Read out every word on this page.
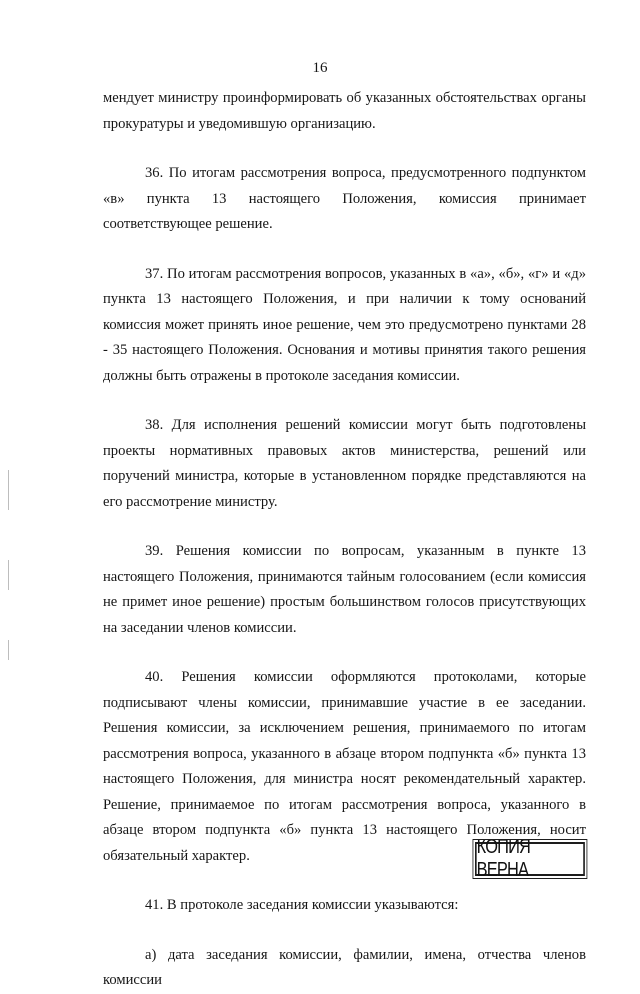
16

мендует министру проинформировать об указанных обстоятельствах органы прокуратуры и уведомившую организацию.

36. По итогам рассмотрения вопроса, предусмотренного подпунктом «в» пункта 13 настоящего Положения, комиссия принимает соответствующее решение.

37. По итогам рассмотрения вопросов, указанных в «а», «б», «г» и «д» пункта 13 настоящего Положения, и при наличии к тому оснований комиссия может принять иное решение, чем это предусмотрено пунктами 28 - 35 настоящего Положения. Основания и мотивы принятия такого решения должны быть отражены в протоколе заседания комиссии.

38. Для исполнения решений комиссии могут быть подготовлены проекты нормативных правовых актов министерства, решений или поручений министра, которые в установленном порядке представляются на его рассмотрение министру.

39. Решения комиссии по вопросам, указанным в пункте 13 настоящего Положения, принимаются тайным голосованием (если комиссия не примет иное решение) простым большинством голосов присутствующих на заседании членов комиссии.

40. Решения комиссии оформляются протоколами, которые подписывают члены комиссии, принимавшие участие в ее заседании. Решения комиссии, за исключением решения, принимаемого по итогам рассмотрения вопроса, указанного в абзаце втором подпункта «б» пункта 13 настоящего Положения, для министра носят рекомендательный характер. Решение, принимаемое по итогам рассмотрения вопроса, указанного в абзаце втором подпункта «б» пункта 13 настоящего Положения, носит обязательный характер.

41. В протоколе заседания комиссии указываются:

а) дата заседания комиссии, фамилии, имена, отчества членов комиссии

КОПИЯ ВЕРНА
